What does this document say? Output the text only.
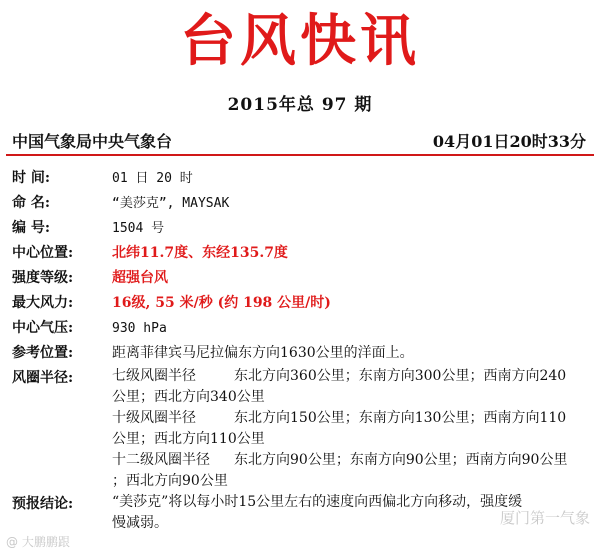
台风快讯
2015年总 97 期
中国气象局中央气象台	04月01日20时33分
时 间:	01 日 20 时
命 名:	“美莎克”, MAYSAK
编 号:	1504 号
中心位置:	北纬11.7度、东经135.7度
强度等级:	超强台风
最大风力:	16级, 55 米/秒 (约 198 公里/时)
中心气压:	930 hPa
参考位置:	距离菲律宾马尼拉偏东方向1630公里的洋面上。
风圈半径:	七级风圈半径	东北方向360公里；东南方向300公里；西南方向240
公里；西北方向340公里
十级风圈半径	东北方向150公里；东南方向130公里；西南方向110
公里；西北方向110公里
十二级风圈半径 东北方向90公里；东南方向90公里；西南方向90公里
；西北方向90公里
预报结论:	“美莎克”将以每小时15公里左右的速度向西偏北方向移动，强度缓
慢减弱。
@ 大鹏鹏跟
厦门第一气象
